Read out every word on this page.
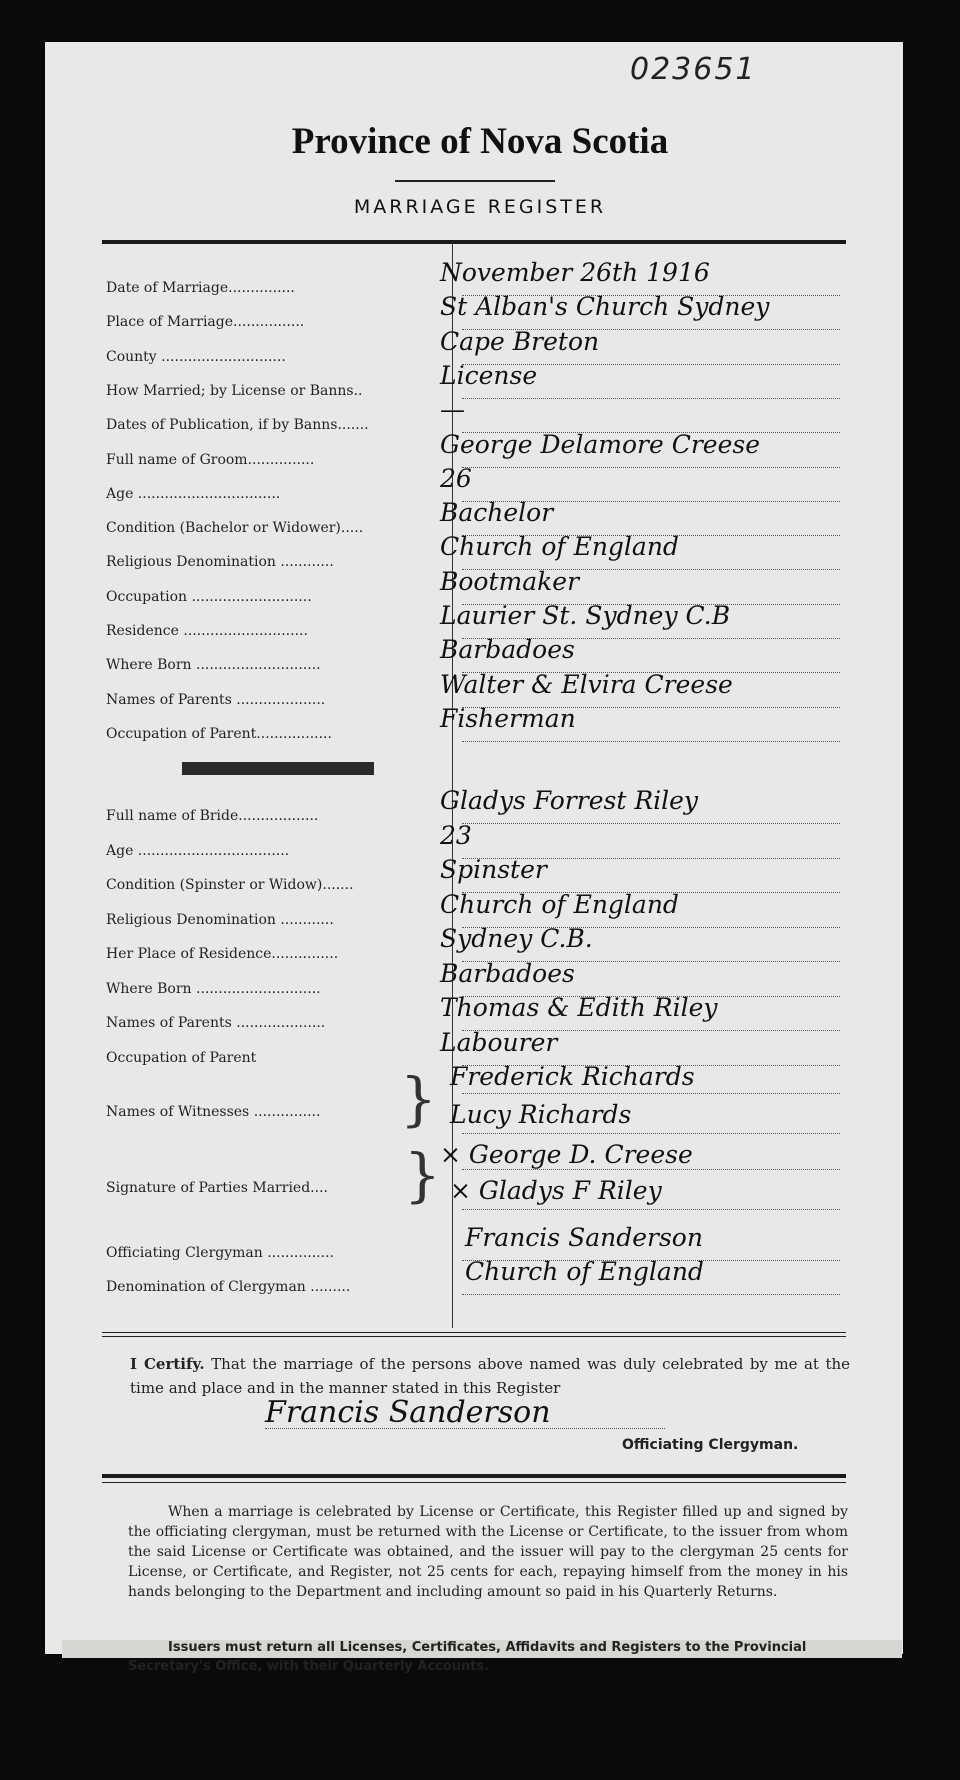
023651
Province of Nova Scotia
MARRIAGE REGISTER
Date of Marriage...............
November 26th 1916
Place of Marriage................
St Alban's Church Sydney
County ............................
Cape Breton
How Married; by License or Banns..
License
Dates of Publication, if by Banns.......
—
Full name of Groom...............
George Delamore Creese
Age ................................
26
Condition (Bachelor or Widower).....
Bachelor
Religious Denomination ............
Church of England
Occupation ...........................
Bootmaker
Residence ............................
Laurier St. Sydney C.B
Where Born ............................
Barbadoes
Names of Parents ....................
Walter & Elvira Creese
Occupation of Parent.................
Fisherman
Full name of Bride..................
Gladys Forrest Riley
Age ..................................
23
Condition (Spinster or Widow).......
Spinster
Religious Denomination ............
Church of England
Her Place of Residence...............
Sydney C.B.
Where Born ............................
Barbadoes
Names of Parents ....................
Thomas & Edith Riley
Occupation of Parent
Labourer
Names of Witnesses ...............	} Frederick Richards
Lucy Richards
Signature of Parties Married....	} × George D. Creese
× Gladys F Riley
Officiating Clergyman ...............
Francis Sanderson
Denomination of Clergyman .........
Church of England
I Certify. That the marriage of the persons above named was duly celebrated by me at the time and place and in the manner stated in this Register
Francis Sanderson
Officiating Clergyman.
When a marriage is celebrated by License or Certificate, this Register filled up and signed by the officiating clergyman, must be returned with the License or Certificate, to the issuer from whom the said License or Certificate was obtained, and the issuer will pay to the clergyman 25 cents for License, or Certificate, and Register, not 25 cents for each, repaying himself from the money in his hands belonging to the Department and including amount so paid in his Quarterly Returns.
Issuers must return all Licenses, Certificates, Affidavits and Registers to the Provincial Secretary's Office, with their Quarterly Accounts.
